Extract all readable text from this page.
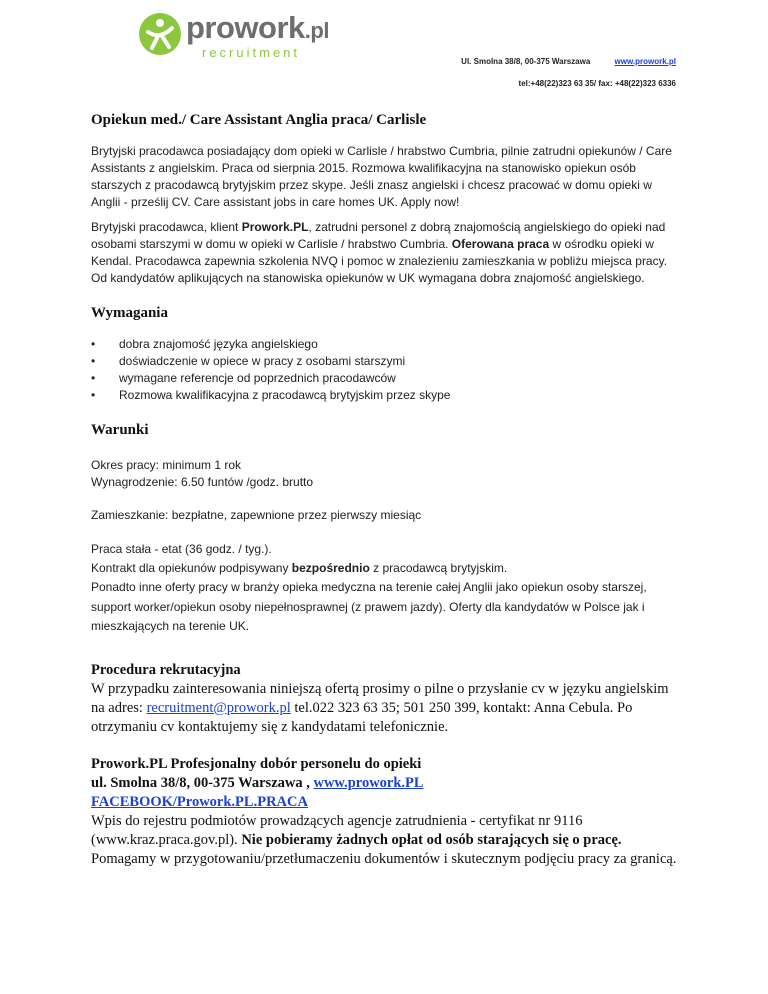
prowork.pl
recruitment
Ul. Smolna 38/8, 00-375 Warszawa	www.prowork.pl
tel:+48(22)323 63 35/ fax: +48(22)323 6336
Opiekun med./ Care Assistant Anglia praca/ Carlisle

Brytyjski pracodawca posiadający dom opieki w Carlisle / hrabstwo Cumbria, pilnie zatrudni opiekunów / Care Assistants z angielskim. Praca od sierpnia 2015. Rozmowa kwalifikacyjna na stanowisko opiekun osób starszych z pracodawcą brytyjskim przez skype. Jeśli znasz angielski i chcesz pracować w domu opieki w Anglii - prześlij CV. Care assistant jobs in care homes UK. Apply now!

Brytyjski pracodawca, klient Prowork.PL, zatrudni personel z dobrą znajomością angielskiego do opieki nad osobami starszymi w domu w opieki w Carlisle / hrabstwo Cumbria. Oferowana praca w ośrodku opieki w Kendal. Pracodawca zapewnia szkolenia NVQ i pomoc w znalezieniu zamieszkania w pobliżu miejsca pracy. Od kandydatów aplikujących na stanowiska opiekunów w UK wymagana dobra znajomość angielskiego.

Wymagania
• dobra znajomość języka angielskiego
• doświadczenie w opiece w pracy z osobami starszymi
• wymagane referencje od poprzednich pracodawców
• Rozmowa kwalifikacyjna z pracodawcą brytyjskim przez skype
Warunki

Okres pracy: minimum 1 rok

Wynagrodzenie: 6.50 funtów /godz. brutto

Zamieszkanie: bezpłatne, zapewnione przez pierwszy miesiąc

Praca stała - etat (36 godz. / tyg.).

Kontrakt dla opiekunów podpisywany bezpośrednio z pracodawcą brytyjskim.

Ponadto inne oferty pracy w branży opieka medyczna na terenie całej Anglii jako opiekun osoby starszej, support worker/opiekun osoby niepełnosprawnej (z prawem jazdy). Oferty dla kandydatów w Polsce jak i mieszkających na terenie UK.

Procedura rekrutacyjna

W przypadku zainteresowania niniejszą ofertą prosimy o pilne o przysłanie cv w języku angielskim na adres: recruitment@prowork.pl tel.022 323 63 35; 501 250 399, kontakt: Anna Cebula. Po otrzymaniu cv kontaktujemy się z kandydatami telefonicznie.

Prowork.PL Profesjonalny dobór personelu do opieki

ul. Smolna 38/8, 00-375 Warszawa , www.prowork.PL

FACEBOOK/Prowork.PL.PRACA

Wpis do rejestru podmiotów prowadzących agencje zatrudnienia - certyfikat nr 9116 (www.kraz.praca.gov.pl). Nie pobieramy żadnych opłat od osób starających się o pracę. Pomagamy w przygotowaniu/przetłumaczeniu dokumentów i skutecznym podjęciu pracy za granicą.
